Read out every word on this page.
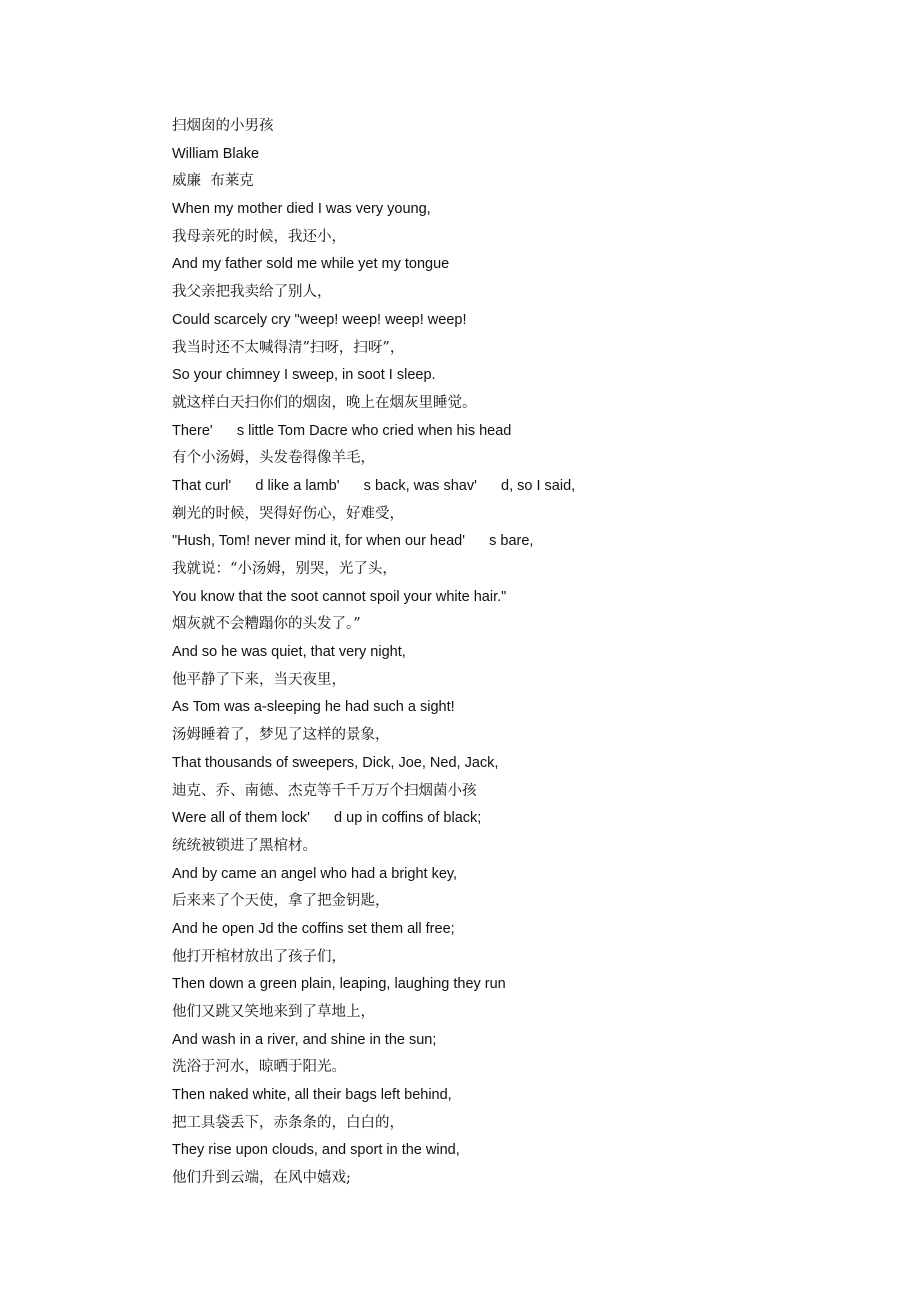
扫烟囱的小男孩
William Blake
威廉  布莱克
When my mother died I was very young,
我母亲死的时候，我还小，
And my father sold me while yet my tongue
我父亲把我卖给了别人，
Could scarcely cry "weep! weep! weep! weep!
我当时还不太喊得清”扫呀，扫呀”，
So your chimney I sweep, in soot I sleep.
就这样白天扫你们的烟囱，晚上在烟灰里睡觉。
There'      s little Tom Dacre who cried when his head
有个小汤姆，头发卷得像羊毛，
That curl'      d like a lamb'      s back, was shav'      d, so I said,
剃光的时候，哭得好伤心，好难受，
"Hush, Tom! never mind it, for when our head'      s bare,
我就说：“小汤姆，别哭，光了头，
You know that the soot cannot spoil your white hair."
烟灰就不会糟蹋你的头发了。”
And so he was quiet, that very night,
他平静了下来，当天夜里，
As Tom was a-sleeping he had such a sight!
汤姆睡着了，梦见了这样的景象，
That thousands of sweepers, Dick, Joe, Ned, Jack,
迪克、乔、南德、杰克等千千万万个扫烟菌小孩
Were all of them lock'      d up in coffins of black;
统统被锁进了黑棺材。
And by came an angel who had a bright key,
后来来了个天使，拿了把金钥匙，
And he open Jd the coffins set them all free;
他打开棺材放出了孩子们，
Then down a green plain, leaping, laughing they run
他们又跳又笑地来到了草地上，
And wash in a river, and shine in the sun;
洗浴于河水，晾晒于阳光。
Then naked white, all their bags left behind,
把工具袋丢下，赤条条的，白白的，
They rise upon clouds, and sport in the wind,
他们升到云端，在风中嬉戏;
